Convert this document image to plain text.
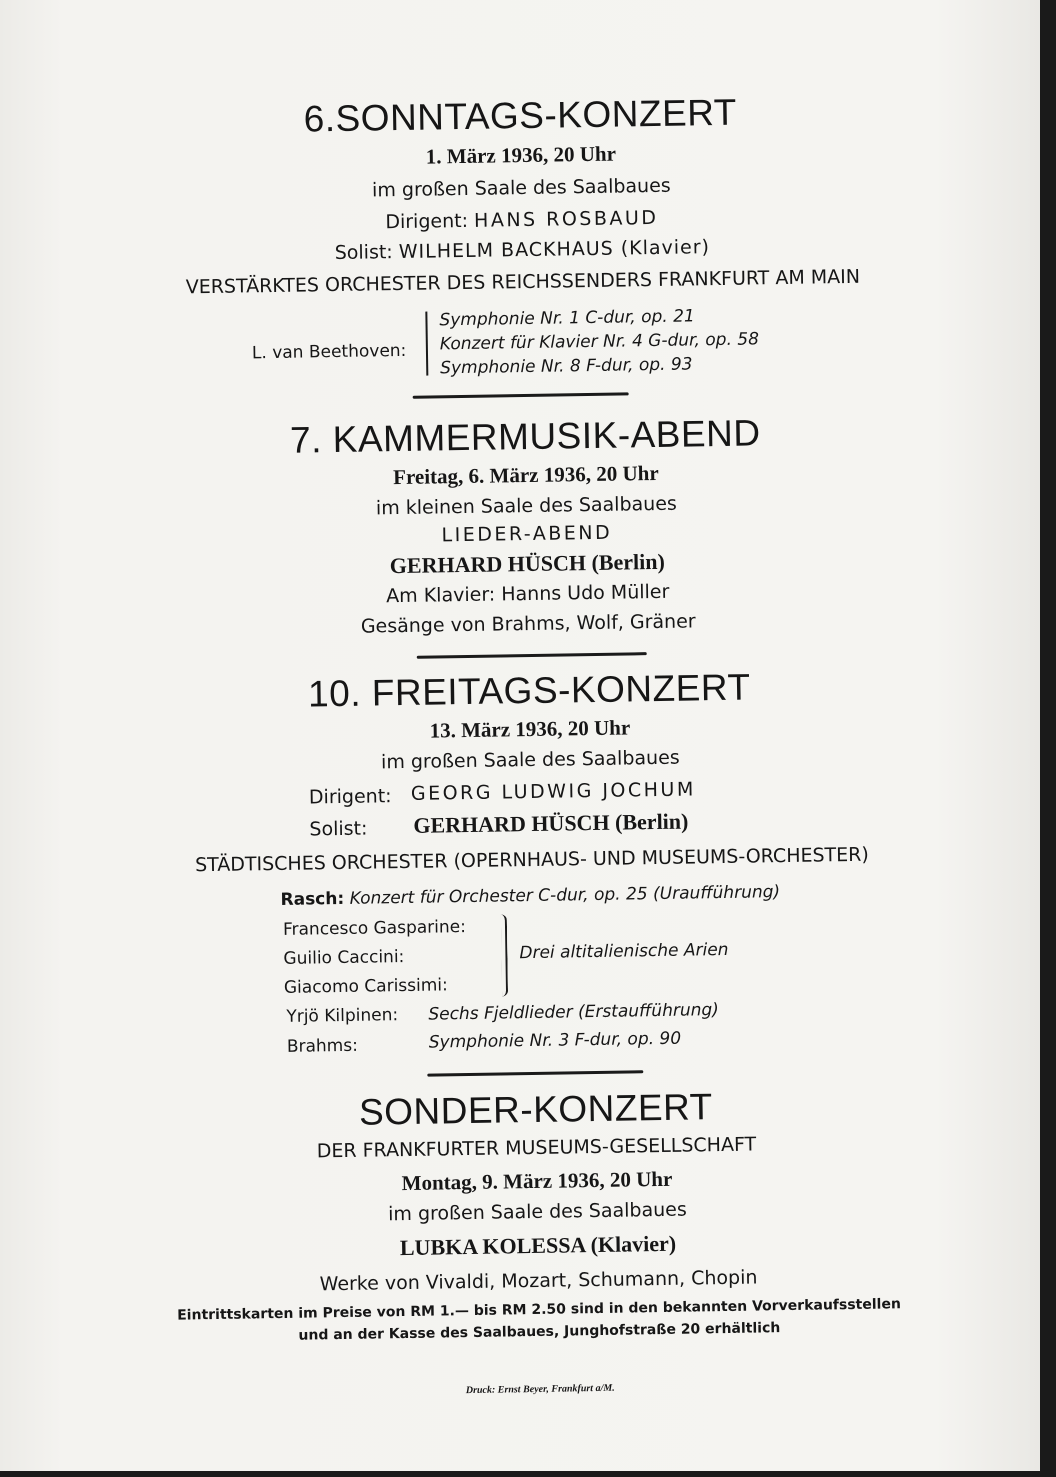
6.SONNTAGS-KONZERT
1. März 1936, 20 Uhr
im großen Saale des Saalbaues
Dirigent: HANS ROSBAUD
Solist: WILHELM BACKHAUS (Klavier)
VERSTÄRKTES ORCHESTER DES REICHSSENDERS FRANKFURT AM MAIN
L. van Beethoven:
Symphonie Nr. 1 C-dur, op. 21
Konzert für Klavier Nr. 4 G-dur, op. 58
Symphonie Nr. 8 F-dur, op. 93
7. KAMMERMUSIK-ABEND
Freitag, 6. März 1936, 20 Uhr
im kleinen Saale des Saalbaues
LIEDER-ABEND
GERHARD HÜSCH (Berlin)
Am Klavier: Hanns Udo Müller
Gesänge von Brahms, Wolf, Gräner
10. FREITAGS-KONZERT
13. März 1936, 20 Uhr
im großen Saale des Saalbaues
Dirigent: GEORG LUDWIG JOCHUM
Solist: GERHARD HÜSCH (Berlin)
STÄDTISCHES ORCHESTER (OPERNHAUS- UND MUSEUMS-ORCHESTER)
Rasch: Konzert für Orchester C-dur, op. 25 (Uraufführung)
Francesco Gasparine:
Guilio Caccini:
Giacomo Carissimi:
Drei altitalienische Arien
Yrjö Kilpinen: Sechs Fjeldlieder (Erstaufführung)
Brahms:	Symphonie Nr. 3 F-dur, op. 90
SONDER-KONZERT
DER FRANKFURTER MUSEUMS-GESELLSCHAFT
Montag, 9. März 1936, 20 Uhr
im großen Saale des Saalbaues
LUBKA KOLESSA (Klavier)
Werke von Vivaldi, Mozart, Schumann, Chopin
Eintrittskarten im Preise von RM 1.— bis RM 2.50 sind in den bekannten Vorverkaufsstellen
und an der Kasse des Saalbaues, Junghofstraße 20 erhältlich
Druck: Ernst Beyer, Frankfurt a/M.
